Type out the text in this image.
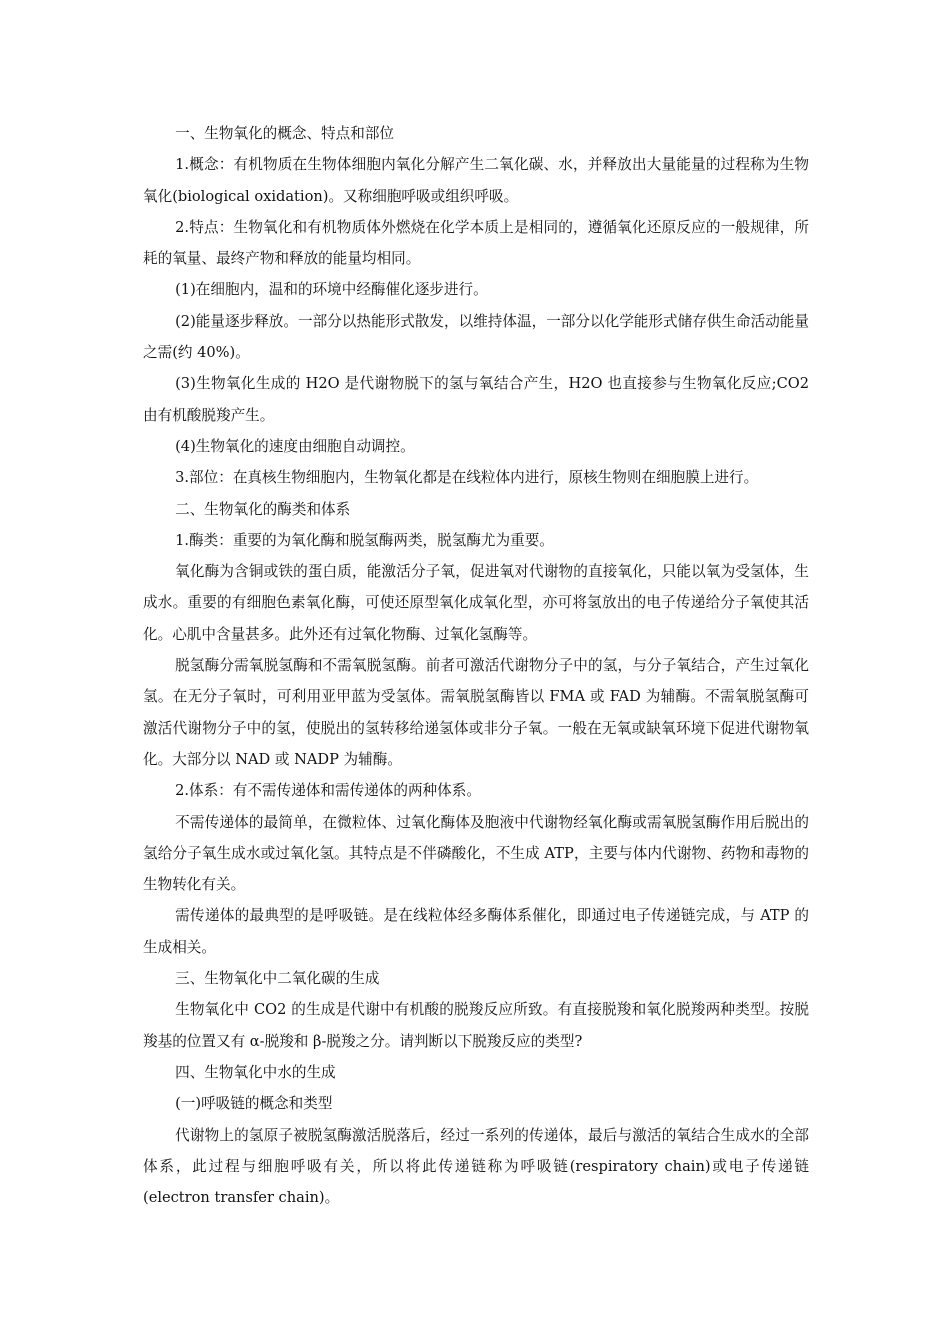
一、生物氧化的概念、特点和部位

1.概念：有机物质在生物体细胞内氧化分解产生二氧化碳、水，并释放出大量能量的过程称为生物氧化(biological oxidation)。又称细胞呼吸或组织呼吸。

2.特点：生物氧化和有机物质体外燃烧在化学本质上是相同的，遵循氧化还原反应的一般规律，所耗的氧量、最终产物和释放的能量均相同。

(1)在细胞内，温和的环境中经酶催化逐步进行。

(2)能量逐步释放。一部分以热能形式散发，以维持体温，一部分以化学能形式储存供生命活动能量之需(约 40%)。

(3)生物氧化生成的 H2O 是代谢物脱下的氢与氧结合产生，H2O 也直接参与生物氧化反应;CO2 由有机酸脱羧产生。

(4)生物氧化的速度由细胞自动调控。

3.部位：在真核生物细胞内，生物氧化都是在线粒体内进行，原核生物则在细胞膜上进行。

二、生物氧化的酶类和体系

1.酶类：重要的为氧化酶和脱氢酶两类，脱氢酶尤为重要。

氧化酶为含铜或铁的蛋白质，能激活分子氧，促进氧对代谢物的直接氧化，只能以氧为受氢体，生成水。重要的有细胞色素氧化酶，可使还原型氧化成氧化型，亦可将氢放出的电子传递给分子氧使其活化。心肌中含量甚多。此外还有过氧化物酶、过氧化氢酶等。

脱氢酶分需氧脱氢酶和不需氧脱氢酶。前者可激活代谢物分子中的氢，与分子氧结合，产生过氧化氢。在无分子氧时，可利用亚甲蓝为受氢体。需氧脱氢酶皆以 FMA 或 FAD 为辅酶。不需氧脱氢酶可激活代谢物分子中的氢，使脱出的氢转移给递氢体或非分子氧。一般在无氧或缺氧环境下促进代谢物氧化。大部分以 NAD 或 NADP 为辅酶。

2.体系：有不需传递体和需传递体的两种体系。

不需传递体的最简单，在微粒体、过氧化酶体及胞液中代谢物经氧化酶或需氧脱氢酶作用后脱出的氢给分子氧生成水或过氧化氢。其特点是不伴磷酸化，不生成 ATP，主要与体内代谢物、药物和毒物的生物转化有关。

需传递体的最典型的是呼吸链。是在线粒体经多酶体系催化，即通过电子传递链完成，与 ATP 的生成相关。

三、生物氧化中二氧化碳的生成

生物氧化中 CO2 的生成是代谢中有机酸的脱羧反应所致。有直接脱羧和氧化脱羧两种类型。按脱羧基的位置又有 α-脱羧和 β-脱羧之分。请判断以下脱羧反应的类型?

四、生物氧化中水的生成

(一)呼吸链的概念和类型

代谢物上的氢原子被脱氢酶激活脱落后，经过一系列的传递体，最后与激活的氧结合生成水的全部体系，此过程与细胞呼吸有关，所以将此传递链称为呼吸链(respiratory chain)或电子传递链(electron transfer chain)。
